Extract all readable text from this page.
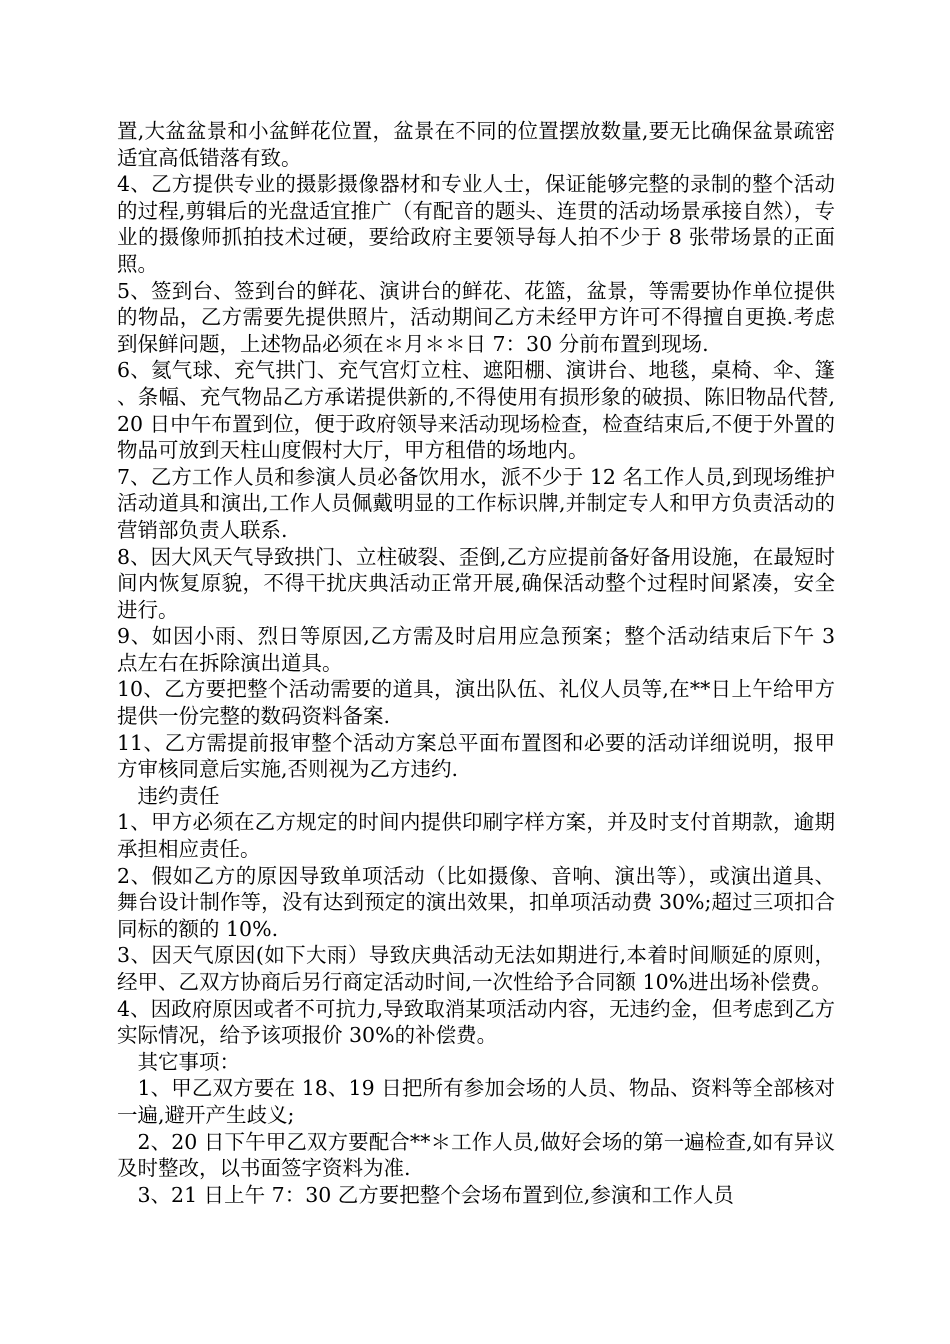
置,大盆盆景和小盆鲜花位置，盆景在不同的位置摆放数量,要无比确保盆景疏密适宜高低错落有致。

4、乙方提供专业的摄影摄像器材和专业人士，保证能够完整的录制的整个活动的过程,剪辑后的光盘适宜推广（有配音的题头、连贯的活动场景承接自然），专业的摄像师抓拍技术过硬，要给政府主要领导每人拍不少于 8 张带场景的正面照。

5、签到台、签到台的鲜花、演讲台的鲜花、花篮，盆景，等需要协作单位提供的物品，乙方需要先提供照片，活动期间乙方未经甲方许可不得擅自更换.考虑到保鲜问题，上述物品必须在＊月＊＊日 7：30 分前布置到现场.

6、氦气球、充气拱门、充气宫灯立柱、遮阳棚、演讲台、地毯，桌椅、伞、篷、条幅、充气物品乙方承诺提供新的,不得使用有损形象的破损、陈旧物品代替,20 日中午布置到位，便于政府领导来活动现场检查，检查结束后,不便于外置的物品可放到天柱山度假村大厅，甲方租借的场地内。

7、乙方工作人员和参演人员必备饮用水，派不少于 12 名工作人员,到现场维护活动道具和演出,工作人员佩戴明显的工作标识牌,并制定专人和甲方负责活动的营销部负责人联系.

8、因大风天气导致拱门、立柱破裂、歪倒,乙方应提前备好备用设施，在最短时间内恢复原貌，不得干扰庆典活动正常开展,确保活动整个过程时间紧凑，安全进行。

9、如因小雨、烈日等原因,乙方需及时启用应急预案；整个活动结束后下午 3 点左右在拆除演出道具。

10、乙方要把整个活动需要的道具，演出队伍、礼仪人员等,在**日上午给甲方提供一份完整的数码资料备案.

11、乙方需提前报审整个活动方案总平面布置图和必要的活动详细说明，报甲方审核同意后实施,否则视为乙方违约.

违约责任

1、甲方必须在乙方规定的时间内提供印刷字样方案，并及时支付首期款，逾期承担相应责任。

2、假如乙方的原因导致单项活动（比如摄像、音响、演出等），或演出道具、舞台设计制作等，没有达到预定的演出效果，扣单项活动费 30%;超过三项扣合同标的额的 10%.

3、因天气原因(如下大雨）导致庆典活动无法如期进行,本着时间顺延的原则，经甲、乙双方协商后另行商定活动时间,一次性给予合同额 10%进出场补偿费。

4、因政府原因或者不可抗力,导致取消某项活动内容，无违约金，但考虑到乙方实际情况，给予该项报价 30%的补偿费。

其它事项：

1、甲乙双方要在 18、19 日把所有参加会场的人员、物品、资料等全部核对一遍,避开产生歧义;

2、20 日下午甲乙双方要配合**＊工作人员,做好会场的第一遍检查,如有异议及时整改，以书面签字资料为准.

3、21 日上午 7：30 乙方要把整个会场布置到位,参演和工作人员
